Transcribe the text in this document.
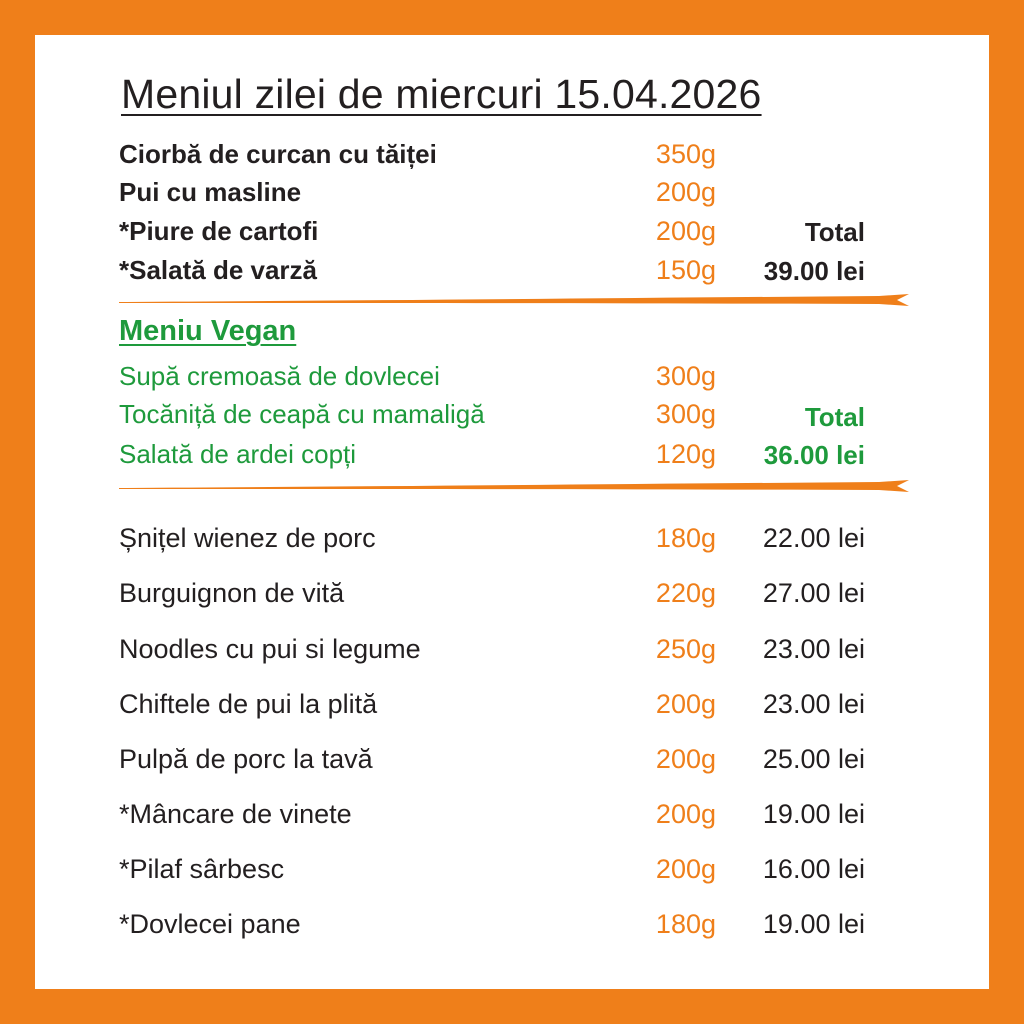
Meniul zilei de miercuri 15.04.2026
Ciorbă de curcan cu tăiței	350g
Pui cu masline	200g
*Piure de cartofi	200g
*Salată de varză	150g
Total
39.00 lei
Meniu Vegan
Supă cremoasă de dovlecei	300g
Tocăniță de ceapă cu mamaligă	300g
Salată de ardei copți	120g
Total
36.00 lei
Șnițel wienez de porc	180g 22.00 lei
Burguignon de vită	220g 27.00 lei
Noodles cu pui si legume	250g 23.00 lei
Chiftele de pui la plită	200g 23.00 lei
Pulpă de porc la tavă	200g 25.00 lei
*Mâncare de vinete	200g 19.00 lei
*Pilaf sârbesc	200g 16.00 lei
*Dovlecei pane	180g 19.00 lei
